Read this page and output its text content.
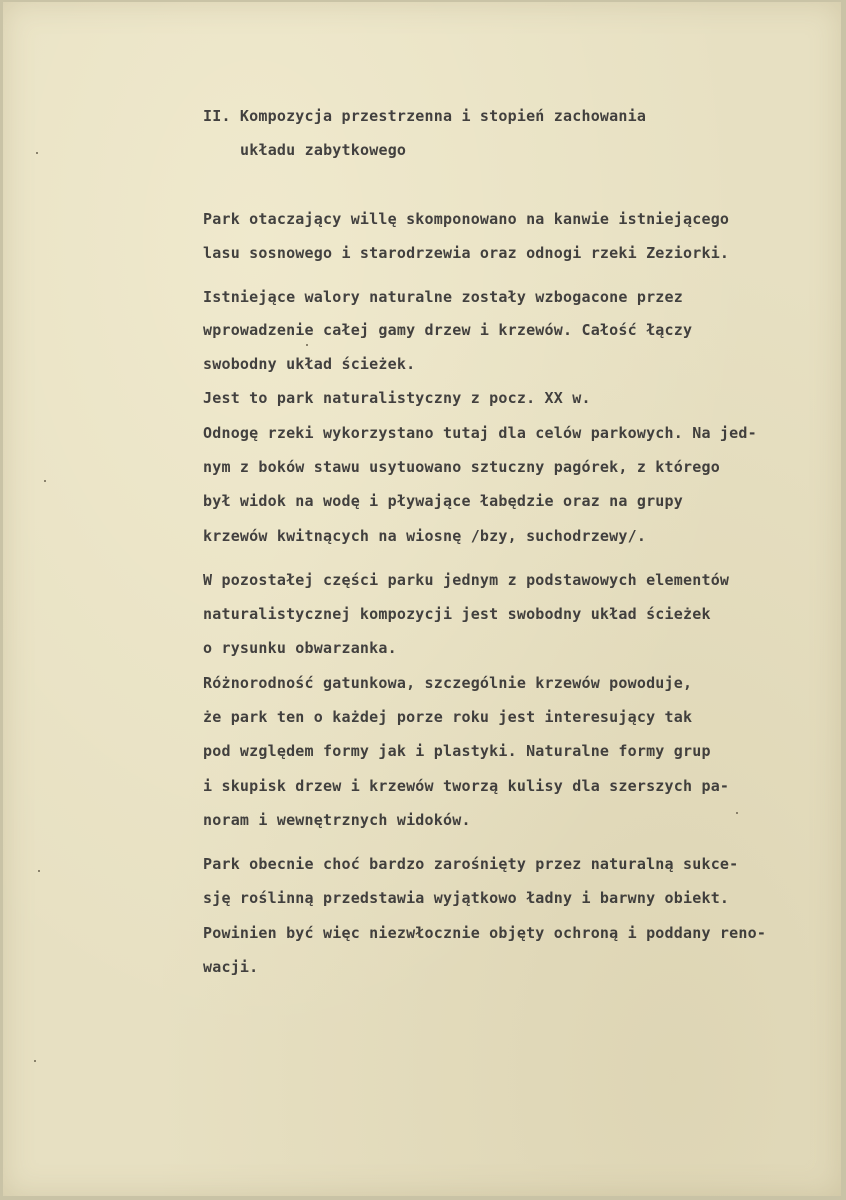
II. Kompozycja przestrzenna i stopień zachowania
układu zabytkowego
Park otaczający willę skomponowano na kanwie istniejącego
lasu sosnowego i starodrzewia oraz odnogi rzeki Zeziorki.
Istniejące walory naturalne zostały wzbogacone przez
wprowadzenie całej gamy drzew i krzewów. Całość łączy
swobodny układ ścieżek.
Jest to park naturalistyczny z pocz. XX w.
Odnogę rzeki wykorzystano tutaj dla celów parkowych. Na jed-
nym z boków stawu usytuowano sztuczny pagórek, z którego
był widok na wodę i pływające łabędzie oraz na grupy
krzewów kwitnących na wiosnę /bzy, suchodrzewy/.
W pozostałej części parku jednym z podstawowych elementów
naturalistycznej kompozycji jest swobodny układ ścieżek
o rysunku obwarzanka.
Różnorodność gatunkowa, szczególnie krzewów powoduje,
że park ten o każdej porze roku jest interesujący tak
pod względem formy jak i plastyki. Naturalne formy grup
i skupisk drzew i krzewów tworzą kulisy dla szerszych pa-
noram i wewnętrznych widoków.
Park obecnie choć bardzo zarośnięty przez naturalną sukce-
sję roślinną przedstawia wyjątkowo ładny i barwny obiekt.
Powinien być więc niezwłocznie objęty ochroną i poddany reno-
wacji.
